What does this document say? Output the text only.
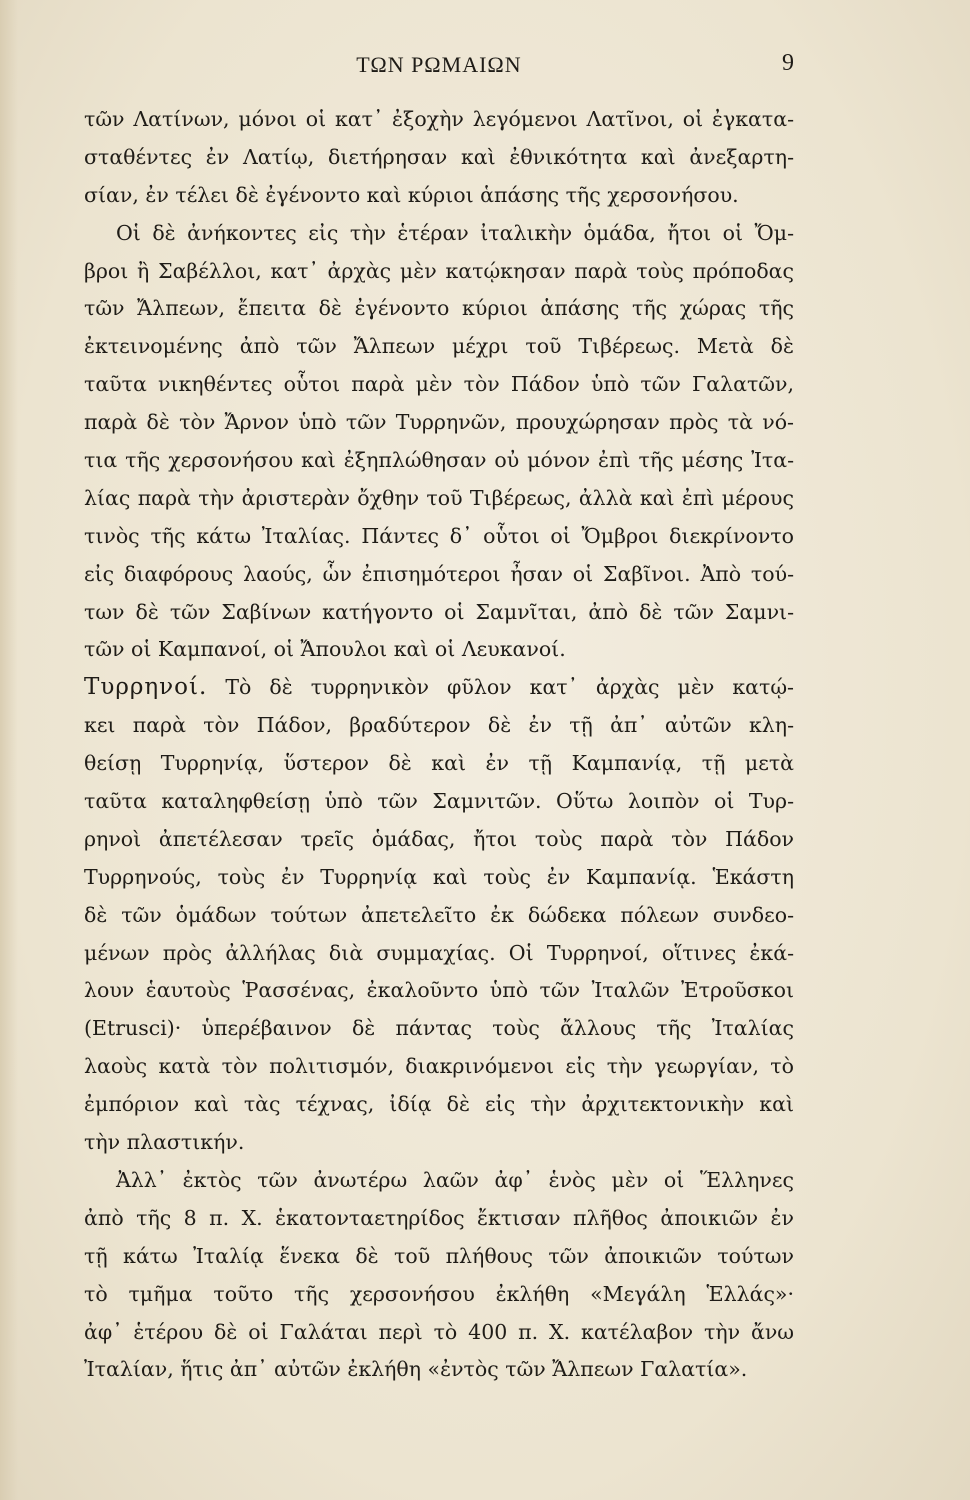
ΤΩΝ ΡΩΜΑΙΩΝ	9
τῶν Λατίνων, μόνοι οἱ κατ᾽ ἐξοχὴν λεγόμενοι Λατῖνοι, οἱ ἐγκατα-
σταθέντες ἐν Λατίῳ, διετήρησαν καὶ ἐθνικότητα καὶ ἀνεξαρτη-
σίαν, ἐν τέλει δὲ ἐγένοντο καὶ κύριοι ἁπάσης τῆς χερσονήσου.
Οἱ δὲ ἀνήκοντες εἰς τὴν ἑτέραν ἰταλικὴν ὁμάδα, ἤτοι οἱ Ὄμ-
βροι ἢ Σαβέλλοι, κατ᾽ ἀρχὰς μὲν κατῴκησαν παρὰ τοὺς πρόποδας
τῶν Ἄλπεων, ἔπειτα δὲ ἐγένοντο κύριοι ἁπάσης τῆς χώρας τῆς
ἐκτεινομένης ἀπὸ τῶν Ἄλπεων μέχρι τοῦ Τιβέρεως. Μετὰ δὲ
ταῦτα νικηθέντες οὗτοι παρὰ μὲν τὸν Πάδον ὑπὸ τῶν Γαλατῶν,
παρὰ δὲ τὸν Ἄρνον ὑπὸ τῶν Τυρρηνῶν, προυχώρησαν πρὸς τὰ νό-
τια τῆς χερσονήσου καὶ ἐξηπλώθησαν οὐ μόνον ἐπὶ τῆς μέσης Ἰτα-
λίας παρὰ τὴν ἀριστερὰν ὄχθην τοῦ Τιβέρεως, ἀλλὰ καὶ ἐπὶ μέρους
τινὸς τῆς κάτω Ἰταλίας. Πάντες δ᾽ οὗτοι οἱ Ὄμβροι διεκρίνοντο
εἰς διαφόρους λαούς, ὧν ἐπισημότεροι ἦσαν οἱ Σαβῖνοι. Ἀπὸ τού-
των δὲ τῶν Σαβίνων κατήγοντο οἱ Σαμνῖται, ἀπὸ δὲ τῶν Σαμνι-
τῶν οἱ Καμπανοί, οἱ Ἄπουλοι καὶ οἱ Λευκανοί.
Τυρρηνοί. Τὸ δὲ τυρρηνικὸν φῦλον κατ᾽ ἀρχὰς μὲν κατῴ-
κει παρὰ τὸν Πάδον, βραδύτερον δὲ ἐν τῇ ἀπ᾽ αὐτῶν κλη-
θείσῃ Τυρρηνίᾳ, ὕστερον δὲ καὶ ἐν τῇ Καμπανίᾳ, τῇ μετὰ
ταῦτα καταληφθείσῃ ὑπὸ τῶν Σαμνιτῶν. Οὕτω λοιπὸν οἱ Τυρ-
ρηνοὶ ἀπετέλεσαν τρεῖς ὁμάδας, ἤτοι τοὺς παρὰ τὸν Πάδον
Τυρρηνούς, τοὺς ἐν Τυρρηνίᾳ καὶ τοὺς ἐν Καμπανίᾳ. Ἑκάστη
δὲ τῶν ὁμάδων τούτων ἀπετελεῖτο ἐκ δώδεκα πόλεων συνδεο-
μένων πρὸς ἀλλήλας διὰ συμμαχίας. Οἱ Τυρρηνοί, οἵτινες ἐκά-
λουν ἑαυτοὺς Ῥασσένας, ἐκαλοῦντο ὑπὸ τῶν Ἰταλῶν Ἐτροῦσκοι
(Etrusci)· ὑπερέβαινον δὲ πάντας τοὺς ἄλλους τῆς Ἰταλίας
λαοὺς κατὰ τὸν πολιτισμόν, διακρινόμενοι εἰς τὴν γεωργίαν, τὸ
ἐμπόριον καὶ τὰς τέχνας, ἰδίᾳ δὲ εἰς τὴν ἀρχιτεκτονικὴν καὶ
τὴν πλαστικήν.
Ἀλλ᾽ ἐκτὸς τῶν ἀνωτέρω λαῶν ἀφ᾽ ἑνὸς μὲν οἱ Ἕλληνες
ἀπὸ τῆς 8 π. Χ. ἑκατονταετηρίδος ἔκτισαν πλῆθος ἀποικιῶν ἐν
τῇ κάτω Ἰταλίᾳ ἕνεκα δὲ τοῦ πλήθους τῶν ἀποικιῶν τούτων
τὸ τμῆμα τοῦτο τῆς χερσονήσου ἐκλήθη «Μεγάλη Ἑλλάς»·
ἀφ᾽ ἑτέρου δὲ οἱ Γαλάται περὶ τὸ 400 π. Χ. κατέλαβον τὴν ἄνω
Ἰταλίαν, ἥτις ἀπ᾽ αὐτῶν ἐκλήθη «ἐντὸς τῶν Ἄλπεων Γαλατία».
